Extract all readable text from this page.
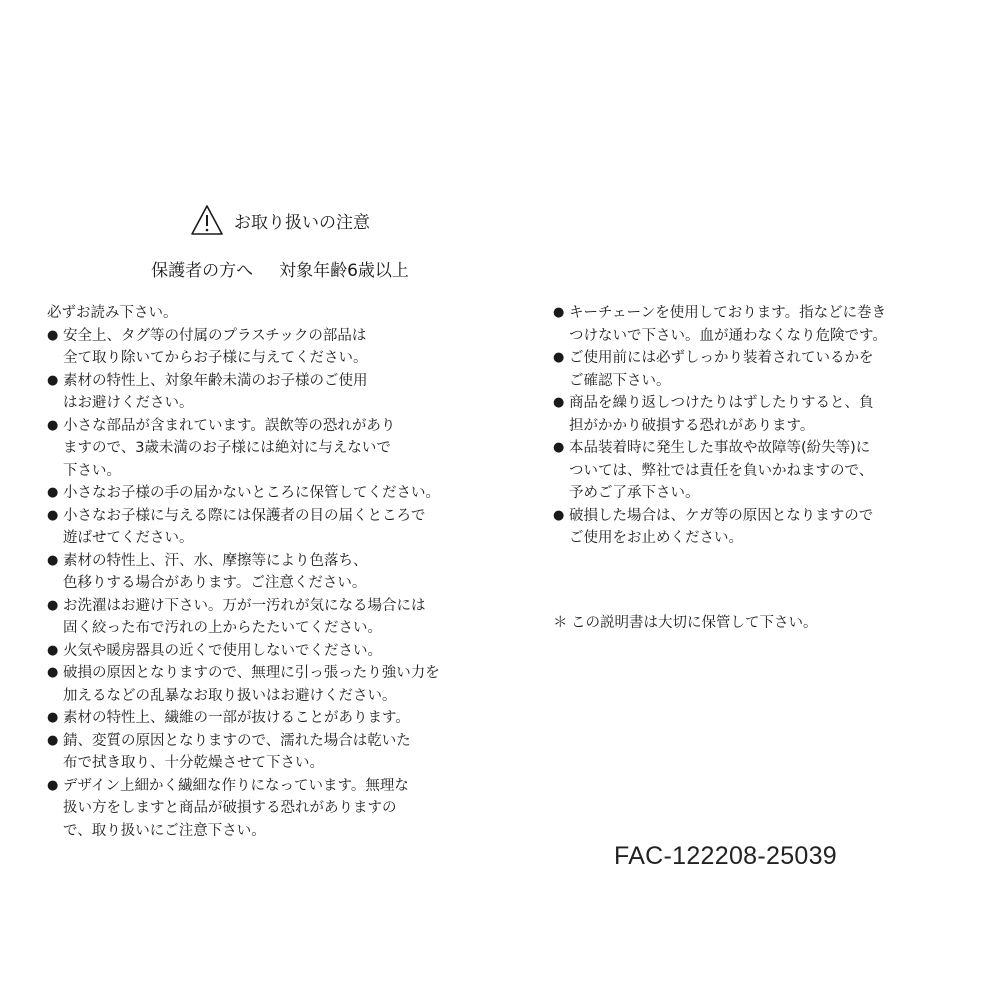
お取り扱いの注意
保護者の方へ 対象年齢6歳以上

必ずお読み下さい。

● 安全上、タグ等の付属のプラスチックの部品は
全て取り除いてからお子様に与えてください。
● 素材の特性上、対象年齢未満のお子様のご使用
はお避けください。
● 小さな部品が含まれています。誤飲等の恐れがあり
ますので、3歳未満のお子様には絶対に与えないで
下さい。
● 小さなお子様の手の届かないところに保管してください。
● 小さなお子様に与える際には保護者の目の届くところで
遊ばせてください。
● 素材の特性上、汗、水、摩擦等により色落ち、
色移りする場合があります。ご注意ください。
● お洗濯はお避け下さい。万が一汚れが気になる場合には
固く絞った布で汚れの上からたたいてください。
● 火気や暖房器具の近くで使用しないでください。
● 破損の原因となりますので、無理に引っ張ったり強い力を
加えるなどの乱暴なお取り扱いはお避けください。
● 素材の特性上、繊維の一部が抜けることがあります。
● 錆、変質の原因となりますので、濡れた場合は乾いた
布で拭き取り、十分乾燥させて下さい。
● デザイン上細かく繊細な作りになっています。無理な
扱い方をしますと商品が破損する恐れがありますの
で、取り扱いにご注意下さい。
● キーチェーンを使用しております。指などに巻き
つけないで下さい。血が通わなくなり危険です。
● ご使用前には必ずしっかり装着されているかを
ご確認下さい。
● 商品を繰り返しつけたりはずしたりすると、負
担がかかり破損する恐れがあります。
● 本品装着時に発生した事故や故障等(紛失等)に
ついては、弊社では責任を負いかねますので、
予めご了承下さい。
● 破損した場合は、ケガ等の原因となりますので
ご使用をお止めください。
＊ この説明書は大切に保管して下さい。
FAC-122208-25039
